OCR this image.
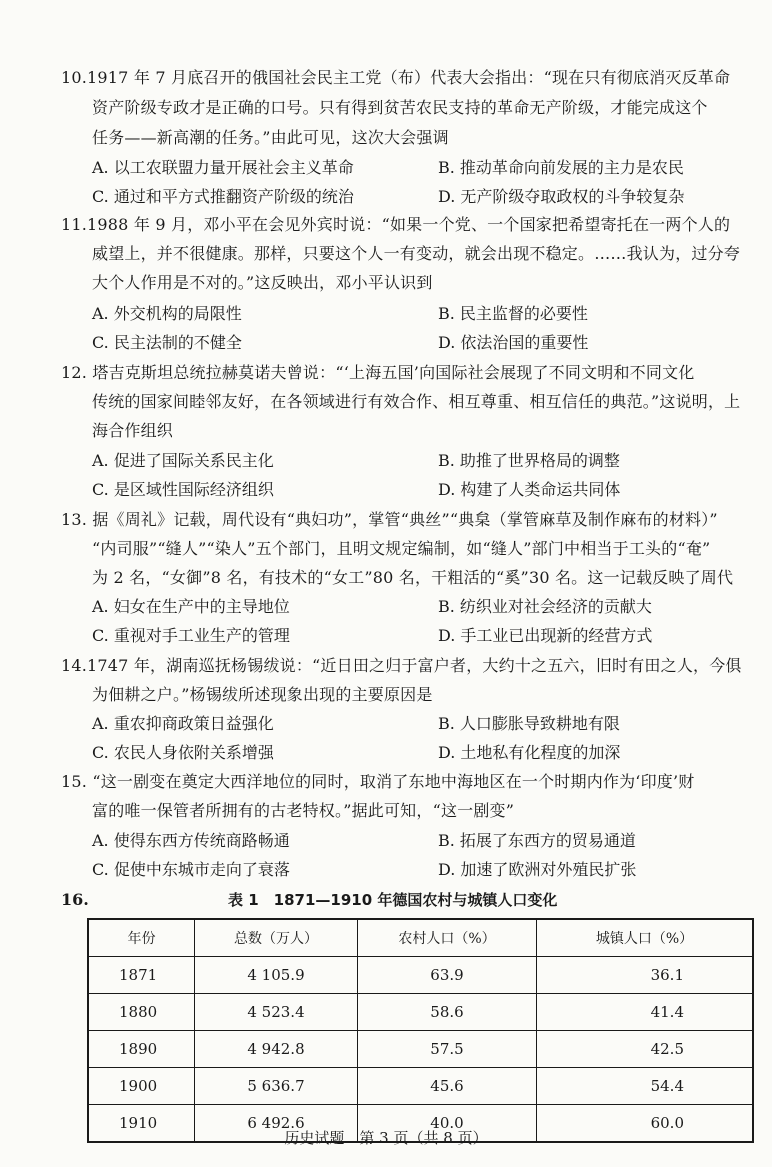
10.1917 年 7 月底召开的俄国社会民主工党（布）代表大会指出：“现在只有彻底消灭反革命
资产阶级专政才是正确的口号。只有得到贫苦农民支持的革命无产阶级，才能完成这个
任务——新高潮的任务。”由此可见，这次大会强调
A. 以工农联盟力量开展社会主义革命	B. 推动革命向前发展的主力是农民
C. 通过和平方式推翻资产阶级的统治	D. 无产阶级夺取政权的斗争较复杂
11.1988 年 9 月，邓小平在会见外宾时说：“如果一个党、一个国家把希望寄托在一两个人的
威望上，并不很健康。那样，只要这个人一有变动，就会出现不稳定。……我认为，过分夸
大个人作用是不对的。”这反映出，邓小平认识到
A. 外交机构的局限性	B. 民主监督的必要性
C. 民主法制的不健全	D. 依法治国的重要性
12. 塔吉克斯坦总统拉赫莫诺夫曾说：“‘上海五国’向国际社会展现了不同文明和不同文化
传统的国家间睦邻友好，在各领域进行有效合作、相互尊重、相互信任的典范。”这说明，上
海合作组织
A. 促进了国际关系民主化	B. 助推了世界格局的调整
C. 是区域性国际经济组织	D. 构建了人类命运共同体
13. 据《周礼》记载，周代设有“典妇功”，掌管“典丝”“典枲（掌管麻草及制作麻布的材料）”
“内司服”“缝人”“染人”五个部门，且明文规定编制，如“缝人”部门中相当于工头的“奄”
为 2 名，“女御”8 名，有技术的“女工”80 名，干粗活的“奚”30 名。这一记载反映了周代
A. 妇女在生产中的主导地位	B. 纺织业对社会经济的贡献大
C. 重视对手工业生产的管理	D. 手工业已出现新的经营方式
14.1747 年，湖南巡抚杨锡绂说：“近日田之归于富户者，大约十之五六，旧时有田之人，今俱
为佃耕之户。”杨锡绂所述现象出现的主要原因是
A. 重农抑商政策日益强化	B. 人口膨胀导致耕地有限
C. 农民人身依附关系增强	D. 土地私有化程度的加深
15. “这一剧变在奠定大西洋地位的同时，取消了东地中海地区在一个时期内作为‘印度’财
富的唯一保管者所拥有的古老特权。”据此可知，“这一剧变”
A. 使得东西方传统商路畅通	B. 拓展了东西方的贸易通道
C. 促使中东城市走向了衰落	D. 加速了欧洲对外殖民扩张
16.	表 1　1871—1910 年德国农村与城镇人口变化
年份	总数（万人）	农村人口（%）	城镇人口（%）
1871	4 105.9	63.9	36.1
1880	4 523.4	58.6	41.4
1890	4 942.8	57.5	42.5
1900	5 636.7	45.6	54.4
1910	6 492.6	40.0	60.0
历史试题　第 3 页（共 8 页）
